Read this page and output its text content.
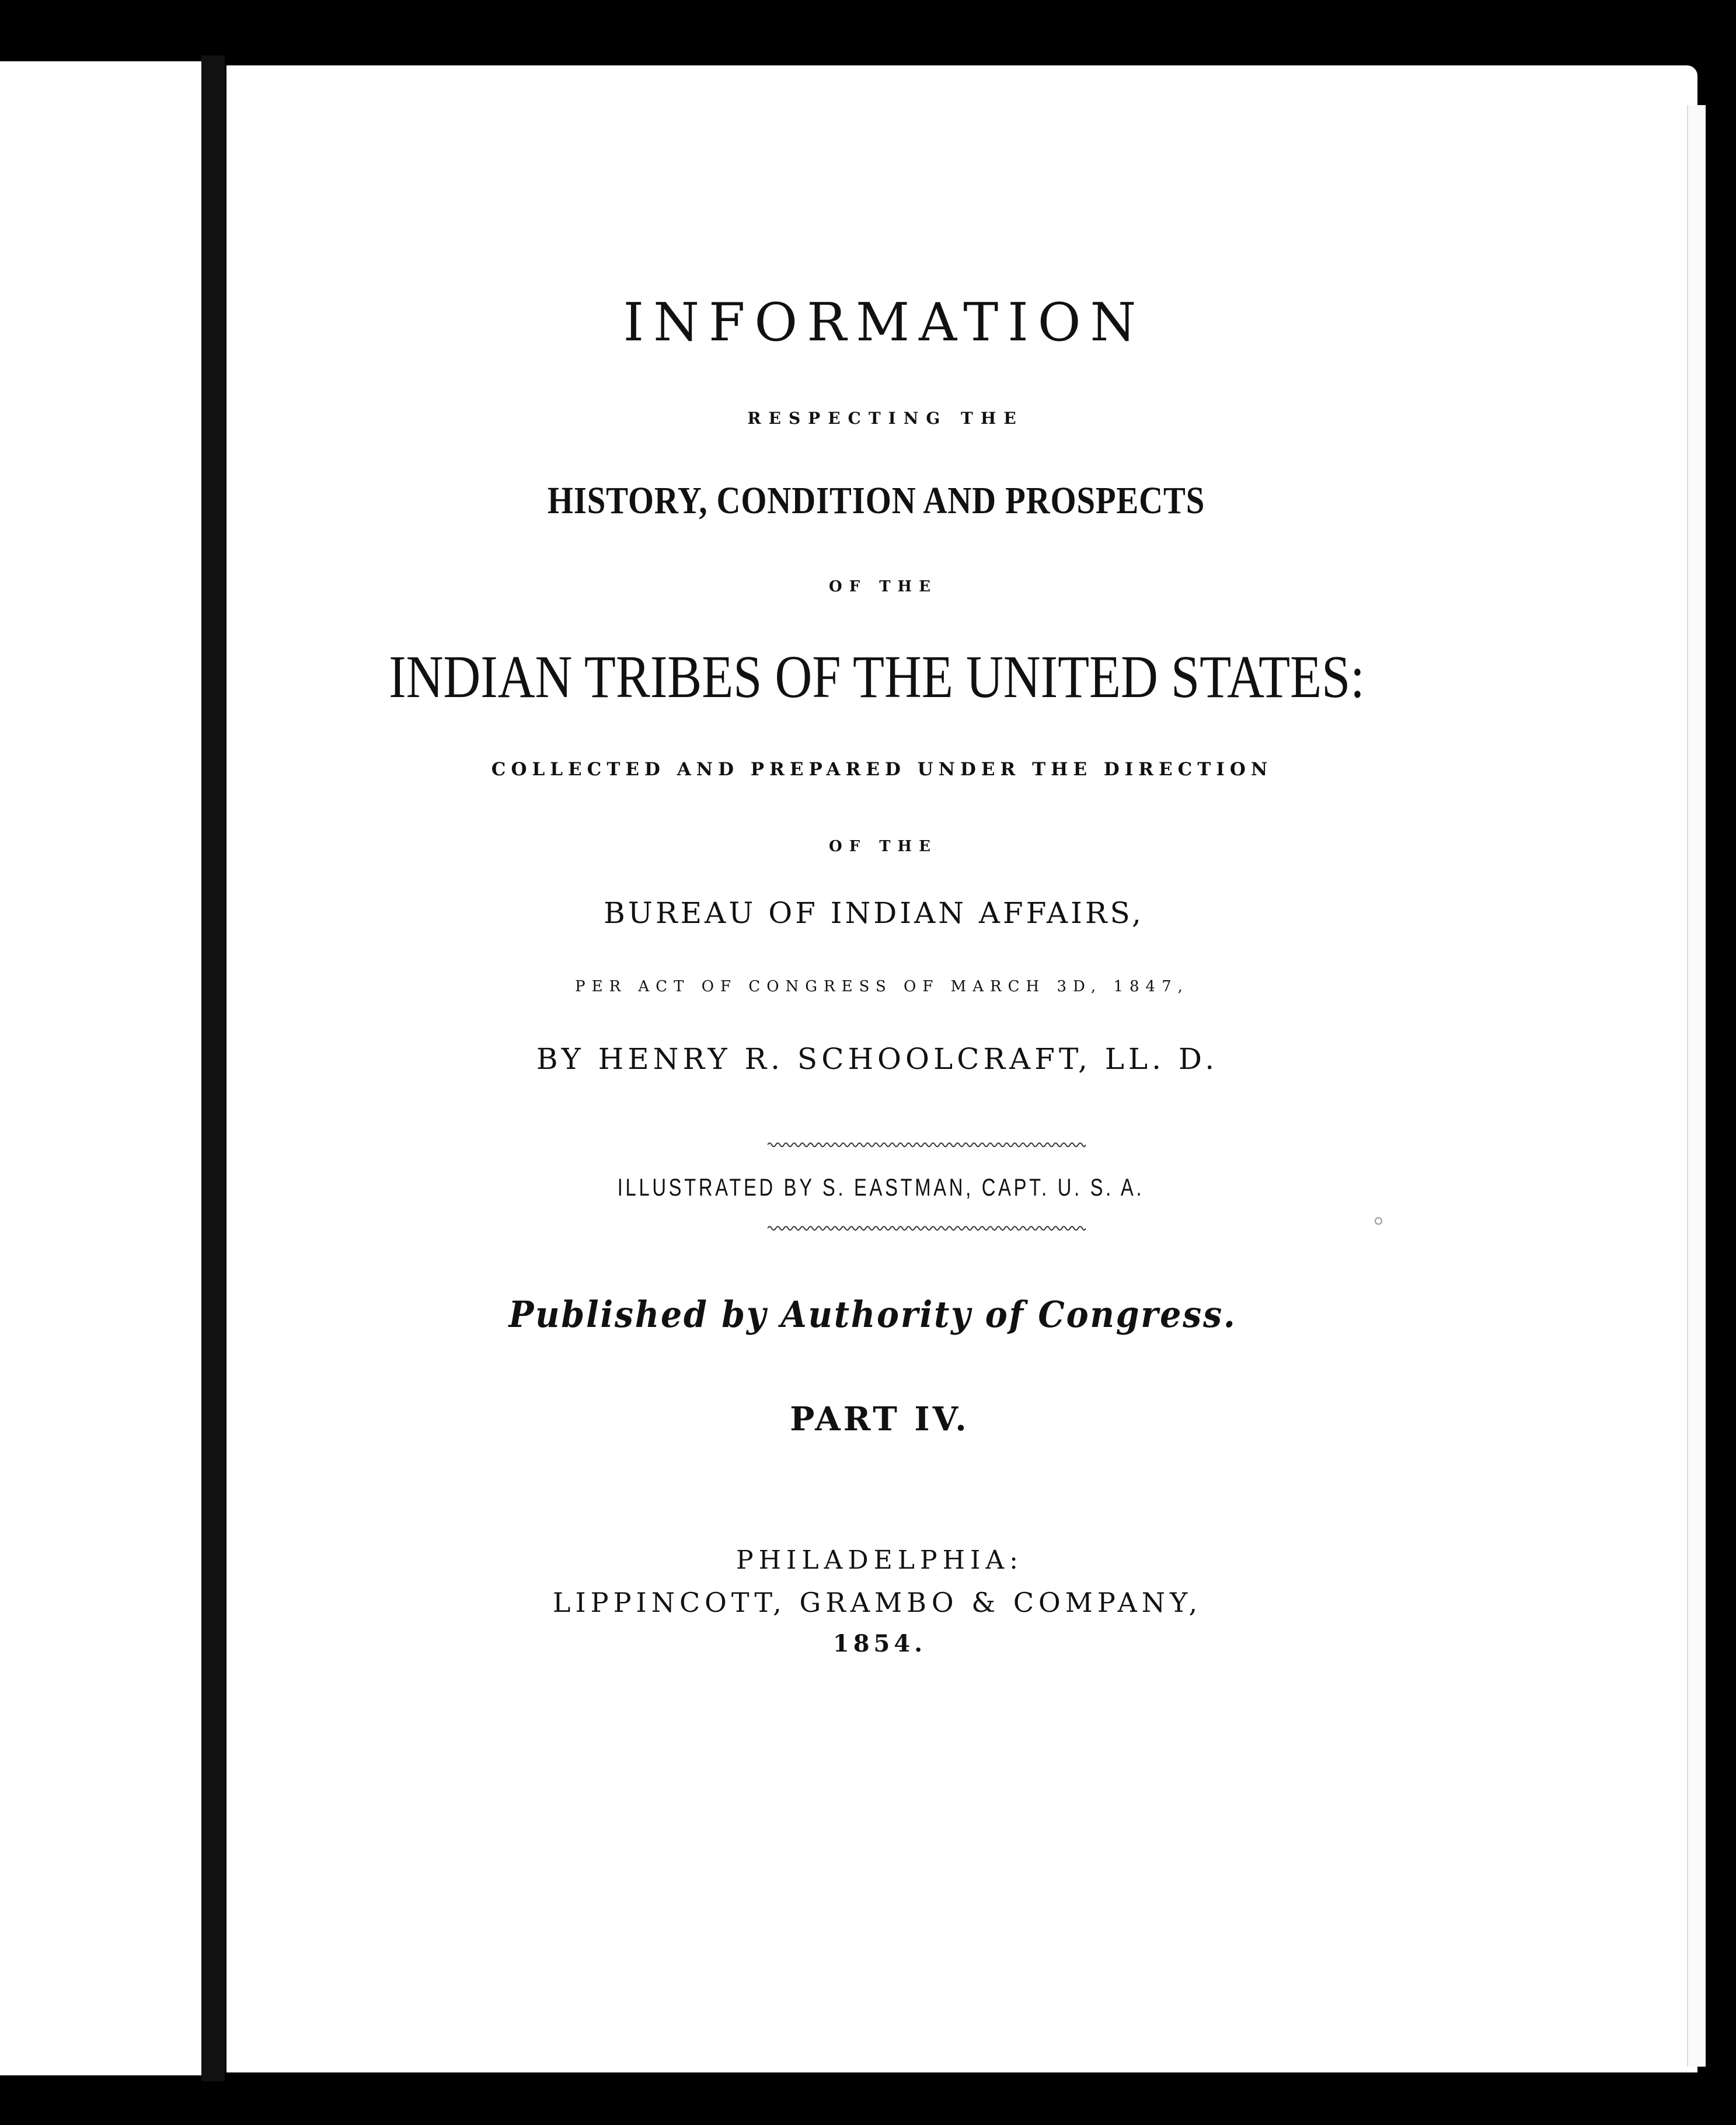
INFORMATION
RESPECTING THE
HISTORY, CONDITION AND PROSPECTS
OF THE
INDIAN TRIBES OF THE UNITED STATES:
COLLECTED AND PREPARED UNDER THE DIRECTION
OF THE
BUREAU OF INDIAN AFFAIRS,
PER ACT OF CONGRESS OF MARCH 3D, 1847,
BY HENRY R. SCHOOLCRAFT, LL. D.
ILLUSTRATED BY S. EASTMAN, CAPT. U. S. A.
Published by Authority of Congress.
PART IV.
PHILADELPHIA:
LIPPINCOTT, GRAMBO & COMPANY,
1854.
